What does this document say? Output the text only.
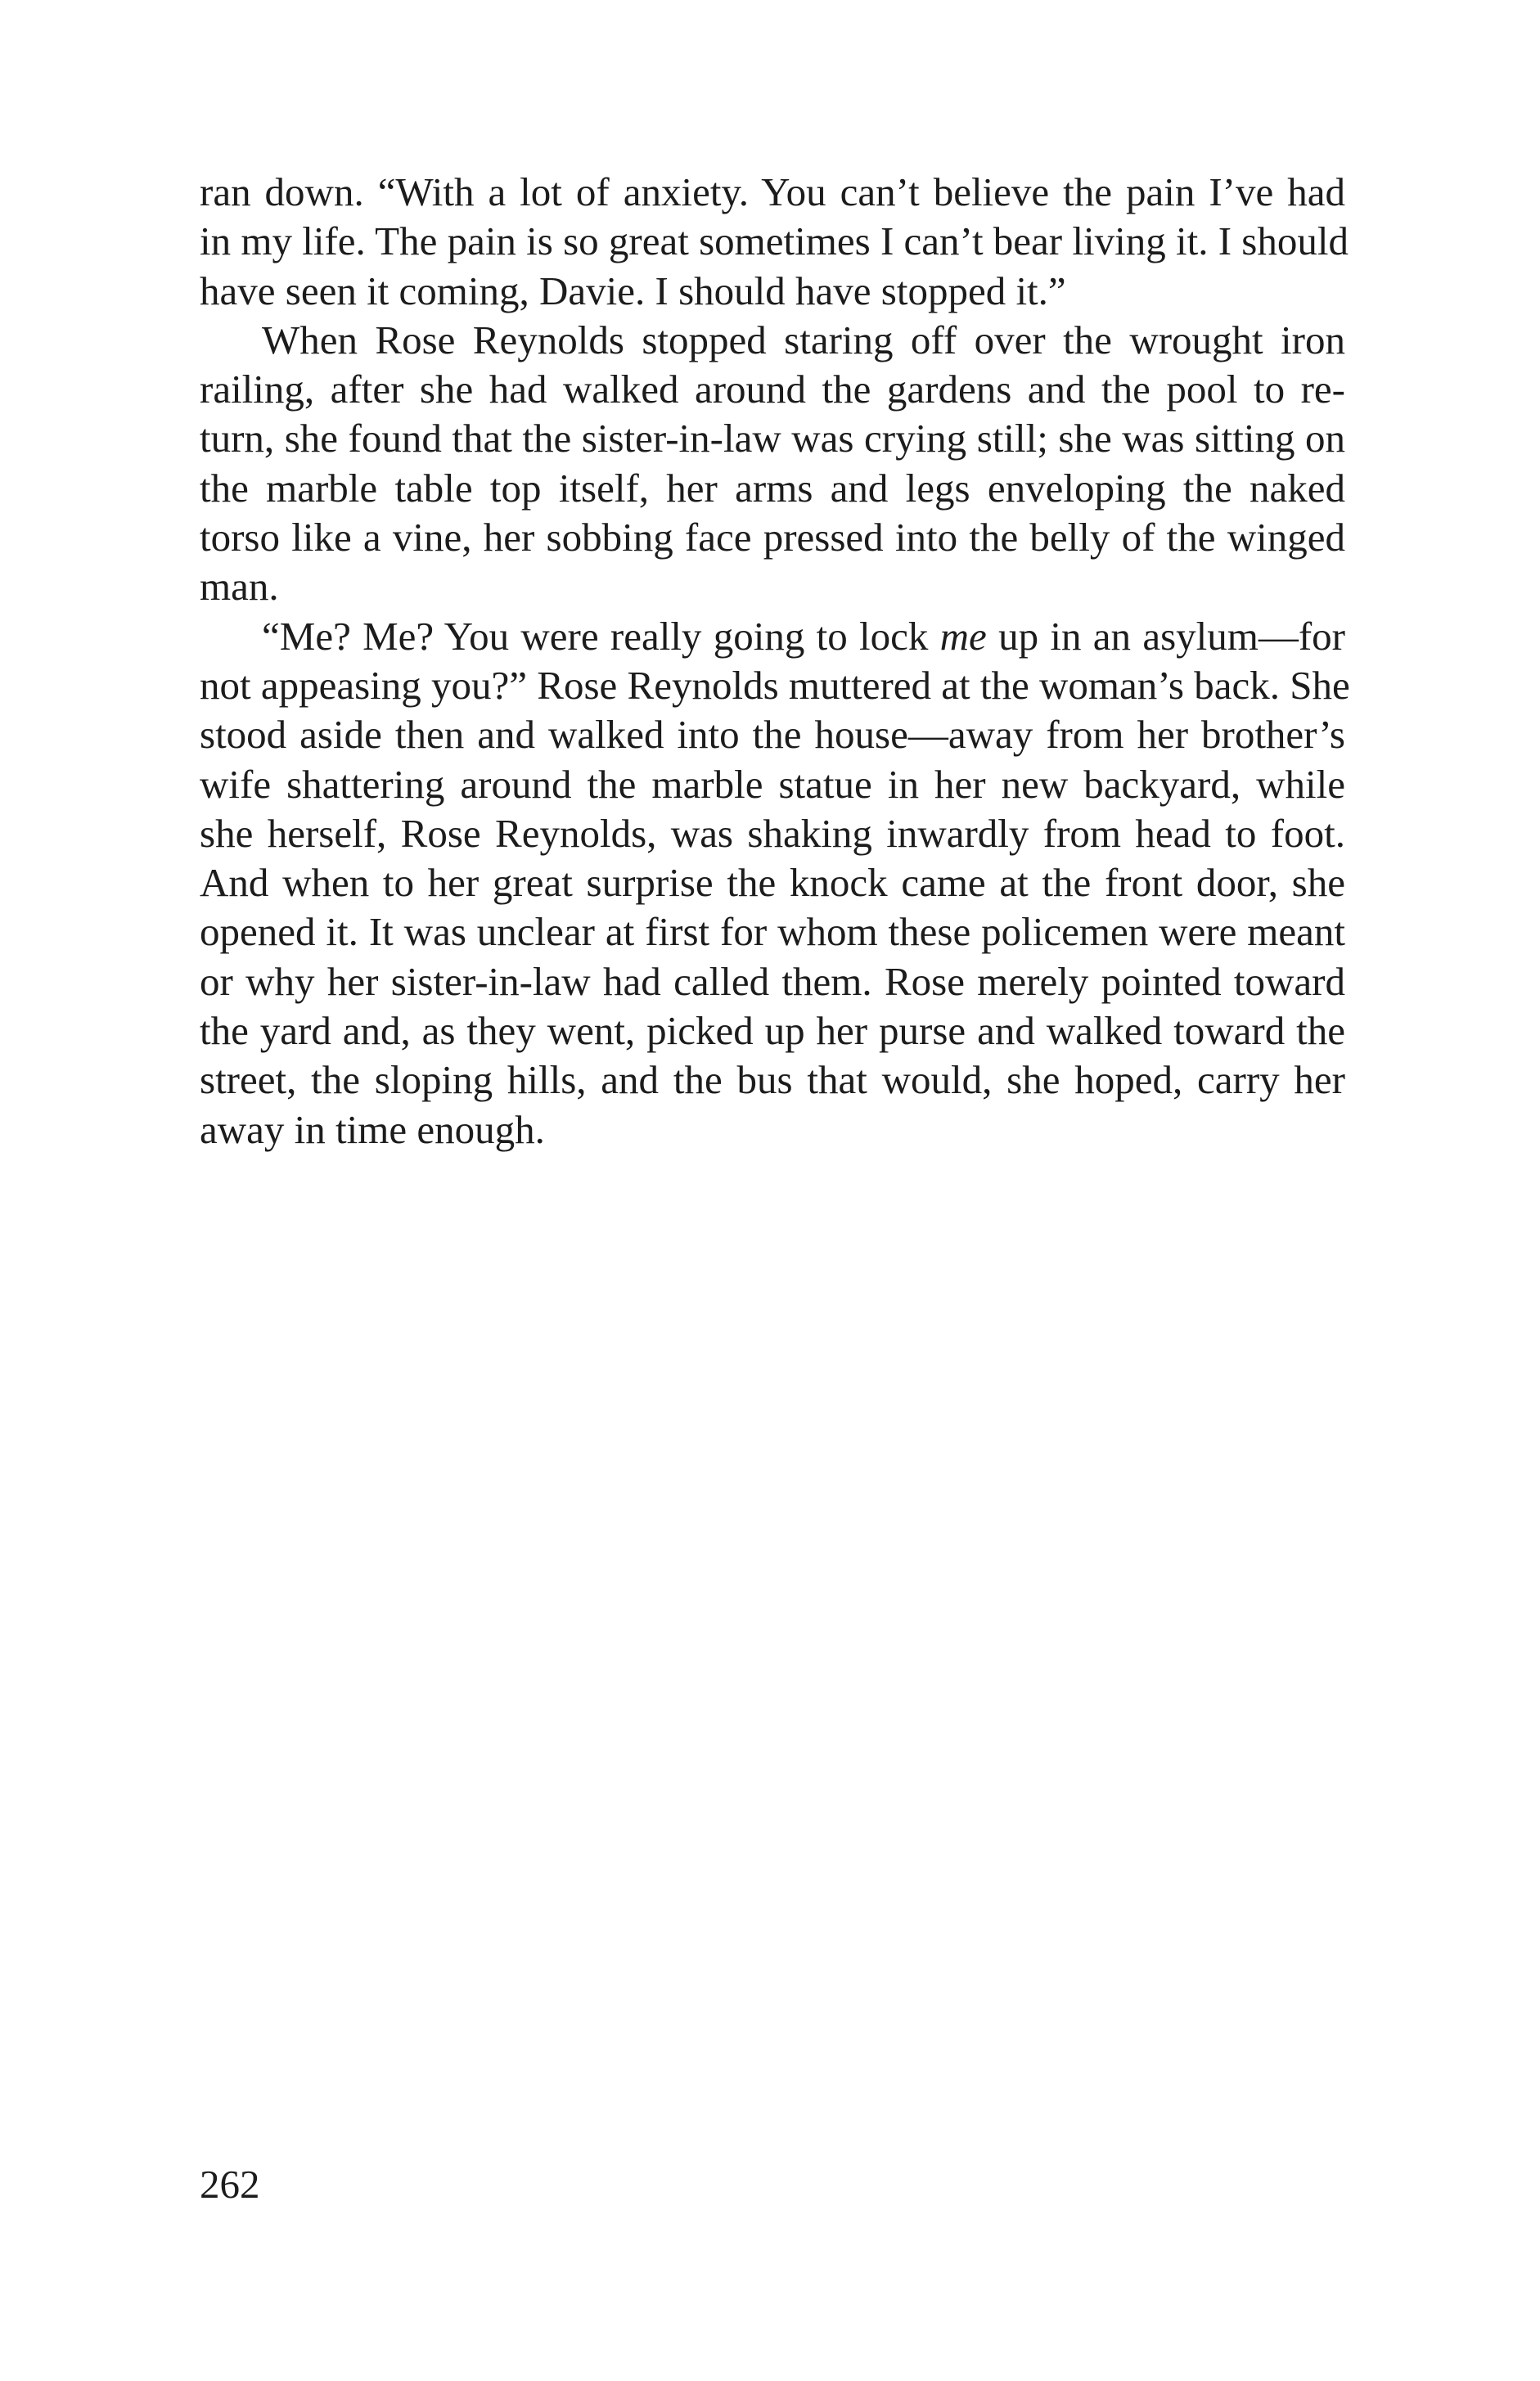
ran down. “With a lot of anxiety. You can’t believe the pain I’ve had
in my life. The pain is so great sometimes I can’t bear living it. I should
have seen it coming, Davie. I should have stopped it.”
When Rose Reynolds stopped staring off over the wrought iron
railing, after she had walked around the gardens and the pool to re-
turn, she found that the sister-in-law was crying still; she was sitting on
the marble table top itself, her arms and legs enveloping the naked
torso like a vine, her sobbing face pressed into the belly of the winged
man.
“Me? Me? You were really going to lock me up in an asylum—for
not appeasing you?” Rose Reynolds muttered at the woman’s back. She
stood aside then and walked into the house—away from her brother’s
wife shattering around the marble statue in her new backyard, while
she herself, Rose Reynolds, was shaking inwardly from head to foot.
And when to her great surprise the knock came at the front door, she
opened it. It was unclear at first for whom these policemen were meant
or why her sister-in-law had called them. Rose merely pointed toward
the yard and, as they went, picked up her purse and walked toward the
street, the sloping hills, and the bus that would, she hoped, carry her
away in time enough.
262
